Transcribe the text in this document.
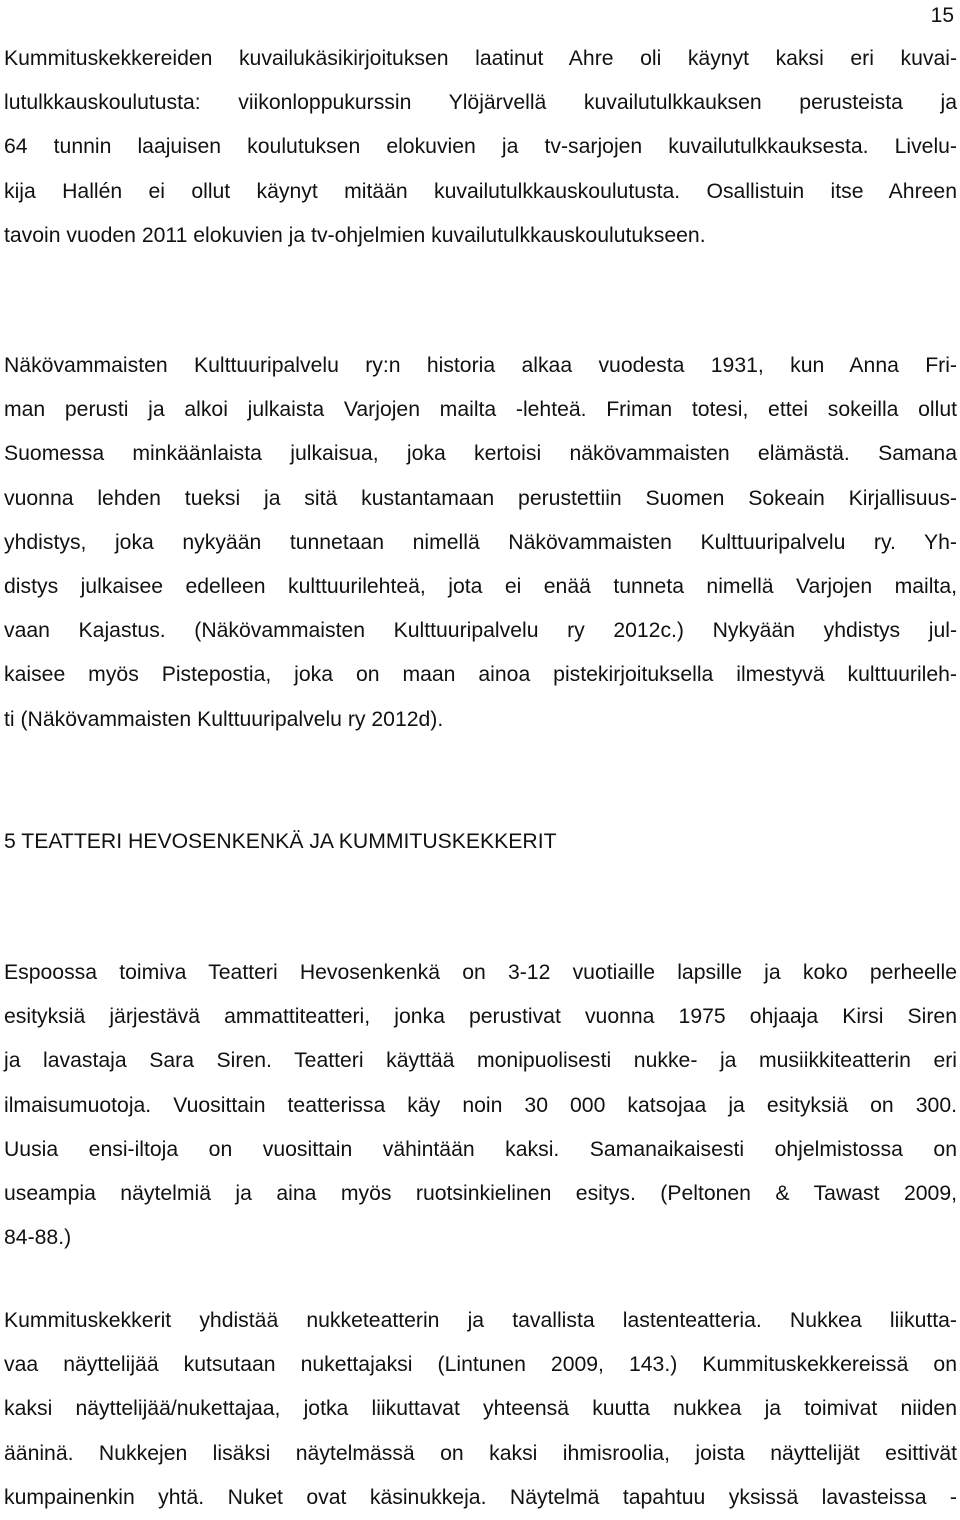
15
Kummituskekkereiden kuvailukäsikirjoituksen laatinut Ahre oli käynyt kaksi eri kuvai-
lutulkkauskoulutusta: viikonloppukurssin Ylöjärvellä kuvailutulkkauksen perusteista ja
64 tunnin laajuisen koulutuksen elokuvien ja tv-sarjojen kuvailutulkkauksesta. Livelu-
kija Hallén ei ollut käynyt mitään kuvailutulkkauskoulutusta. Osallistuin itse Ahreen
tavoin vuoden 2011 elokuvien ja tv-ohjelmien kuvailutulkkauskoulutukseen.
Näkövammaisten Kulttuuripalvelu ry:n historia alkaa vuodesta 1931, kun Anna Fri-
man perusti ja alkoi julkaista Varjojen mailta -lehteä. Friman totesi, ettei sokeilla ollut
Suomessa minkäänlaista julkaisua, joka kertoisi näkövammaisten elämästä. Samana
vuonna lehden tueksi ja sitä kustantamaan perustettiin Suomen Sokeain Kirjallisuus-
yhdistys, joka nykyään tunnetaan nimellä Näkövammaisten Kulttuuripalvelu ry. Yh-
distys julkaisee edelleen kulttuurilehteä, jota ei enää tunneta nimellä Varjojen mailta,
vaan Kajastus. (Näkövammaisten Kulttuuripalvelu ry 2012c.) Nykyään yhdistys jul-
kaisee myös Pistepostia, joka on maan ainoa pistekirjoituksella ilmestyvä kulttuurileh-
ti (Näkövammaisten Kulttuuripalvelu ry 2012d).
5 TEATTERI HEVOSENKENKÄ JA KUMMITUSKEKKERIT
Espoossa toimiva Teatteri Hevosenkenkä on 3-12 vuotiaille lapsille ja koko perheelle
esityksiä järjestävä ammattiteatteri, jonka perustivat vuonna 1975 ohjaaja Kirsi Siren
ja lavastaja Sara Siren. Teatteri käyttää monipuolisesti nukke- ja musiikkiteatterin eri
ilmaisumuotoja. Vuosittain teatterissa käy noin 30 000 katsojaa ja esityksiä on 300.
Uusia ensi-iltoja on vuosittain vähintään kaksi. Samanaikaisesti ohjelmistossa on
useampia näytelmiä ja aina myös ruotsinkielinen esitys. (Peltonen & Tawast 2009,
84-88.)
Kummituskekkerit yhdistää nukketeatterin ja tavallista lastenteatteria. Nukkea liikutta-
vaa näyttelijää kutsutaan nukettajaksi (Lintunen 2009, 143.) Kummituskekkereissä on
kaksi näyttelijää/nukettajaa, jotka liikuttavat yhteensä kuutta nukkea ja toimivat niiden
ääninä. Nukkejen lisäksi näytelmässä on kaksi ihmisroolia, joista näyttelijät esittivät
kumpainenkin yhtä. Nuket ovat käsinukkeja. Näytelmä tapahtuu yksissä lavasteissa -
